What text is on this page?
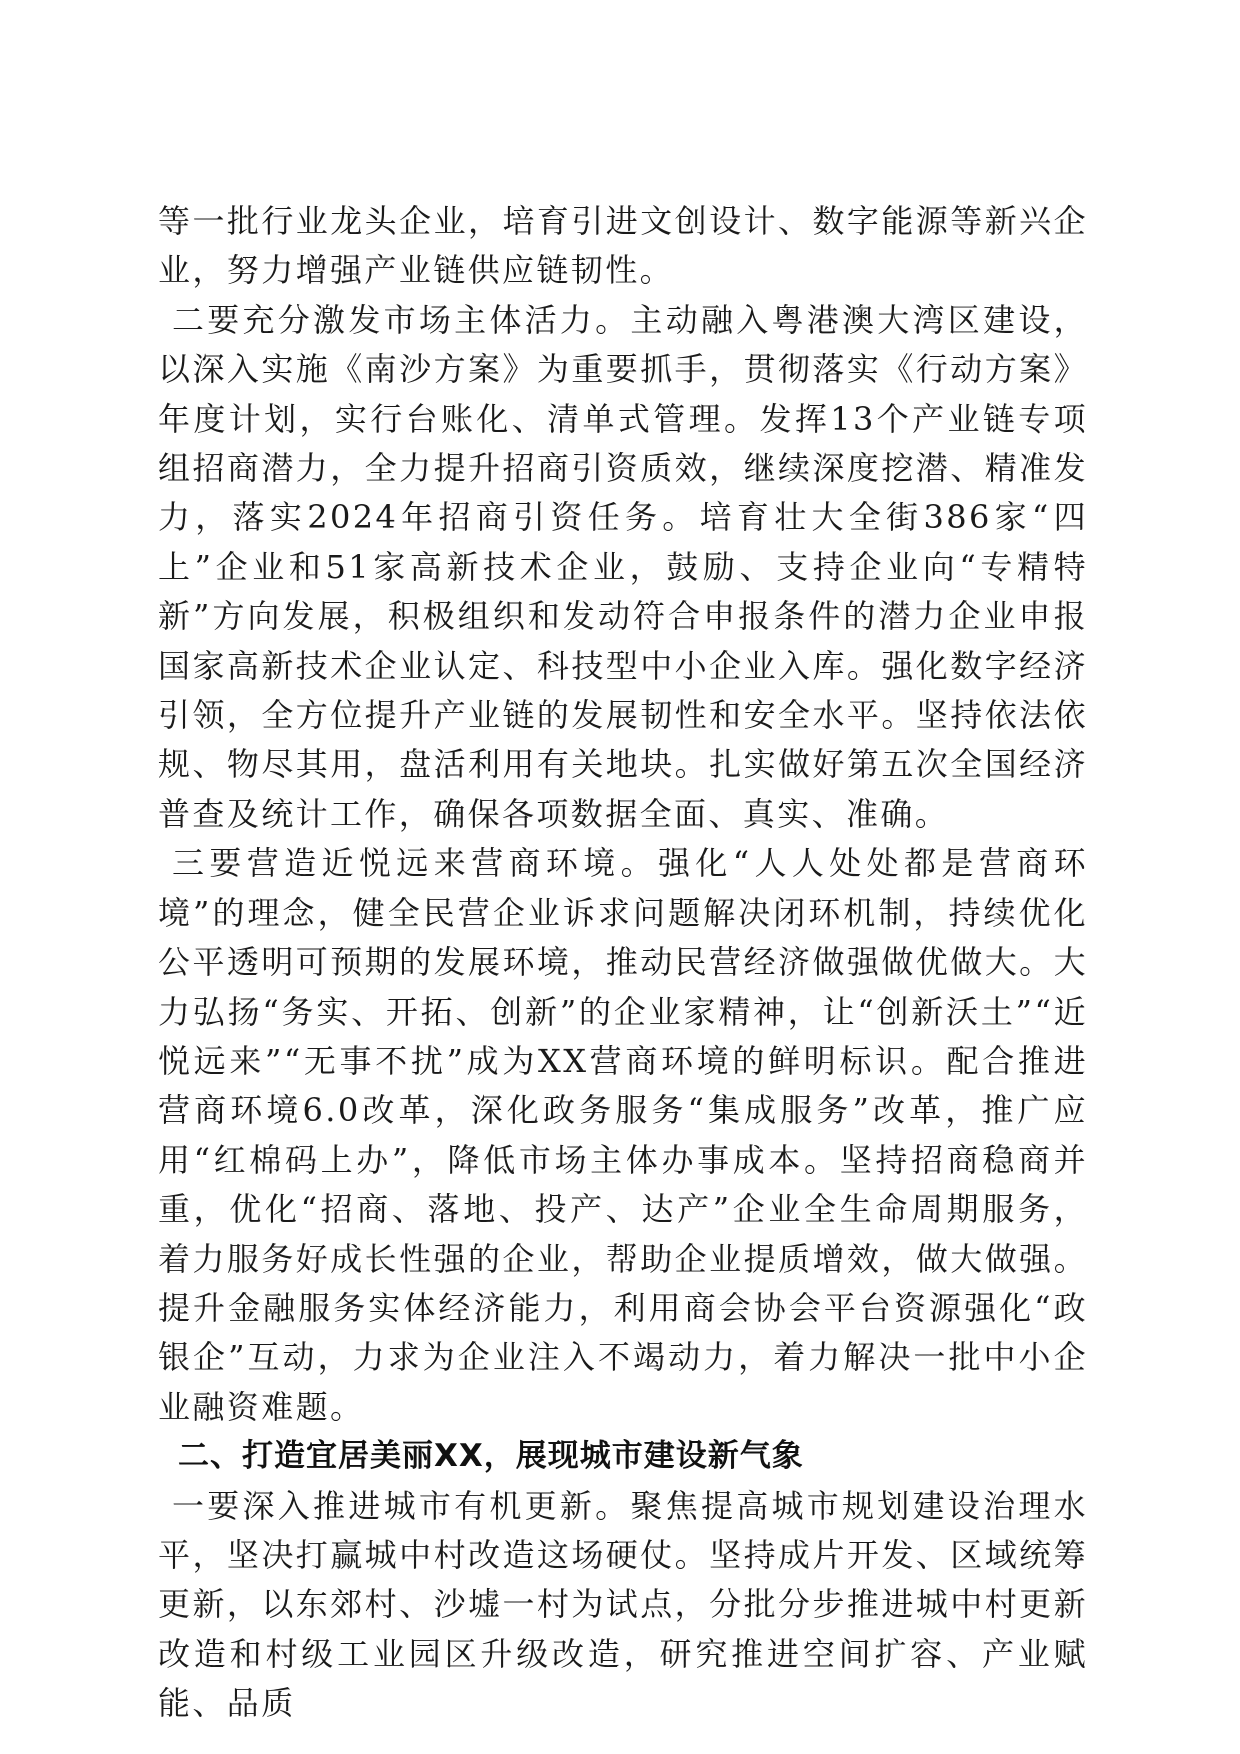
等一批行业龙头企业，培育引进文创设计、数字能源等新兴企业，努力增强产业链供应链韧性。

二要充分激发市场主体活力。主动融入粤港澳大湾区建设，以深入实施《南沙方案》为重要抓手，贯彻落实《行动方案》年度计划，实行台账化、清单式管理。发挥13个产业链专项组招商潜力，全力提升招商引资质效，继续深度挖潜、精准发力，落实2024年招商引资任务。培育壮大全街386家“四上”企业和51家高新技术企业，鼓励、支持企业向“专精特新”方向发展，积极组织和发动符合申报条件的潜力企业申报国家高新技术企业认定、科技型中小企业入库。强化数字经济引领，全方位提升产业链的发展韧性和安全水平。坚持依法依规、物尽其用，盘活利用有关地块。扎实做好第五次全国经济普查及统计工作，确保各项数据全面、真实、准确。

三要营造近悦远来营商环境。强化“人人处处都是营商环境”的理念，健全民营企业诉求问题解决闭环机制，持续优化公平透明可预期的发展环境，推动民营经济做强做优做大。大力弘扬“务实、开拓、创新”的企业家精神，让“创新沃土”“近悦远来”“无事不扰”成为XX营商环境的鲜明标识。配合推进营商环境6.0改革，深化政务服务“集成服务”改革，推广应用“红棉码上办”，降低市场主体办事成本。坚持招商稳商并重，优化“招商、落地、投产、达产”企业全生命周期服务，着力服务好成长性强的企业，帮助企业提质增效，做大做强。提升金融服务实体经济能力，利用商会协会平台资源强化“政银企”互动，力求为企业注入不竭动力，着力解决一批中小企业融资难题。

二、打造宜居美丽XX，展现城市建设新气象

一要深入推进城市有机更新。聚焦提高城市规划建设治理水平，坚决打赢城中村改造这场硬仗。坚持成片开发、区域统筹更新，以东郊村、沙墟一村为试点，分批分步推进城中村更新改造和村级工业园区升级改造，研究推进空间扩容、产业赋能、品质
